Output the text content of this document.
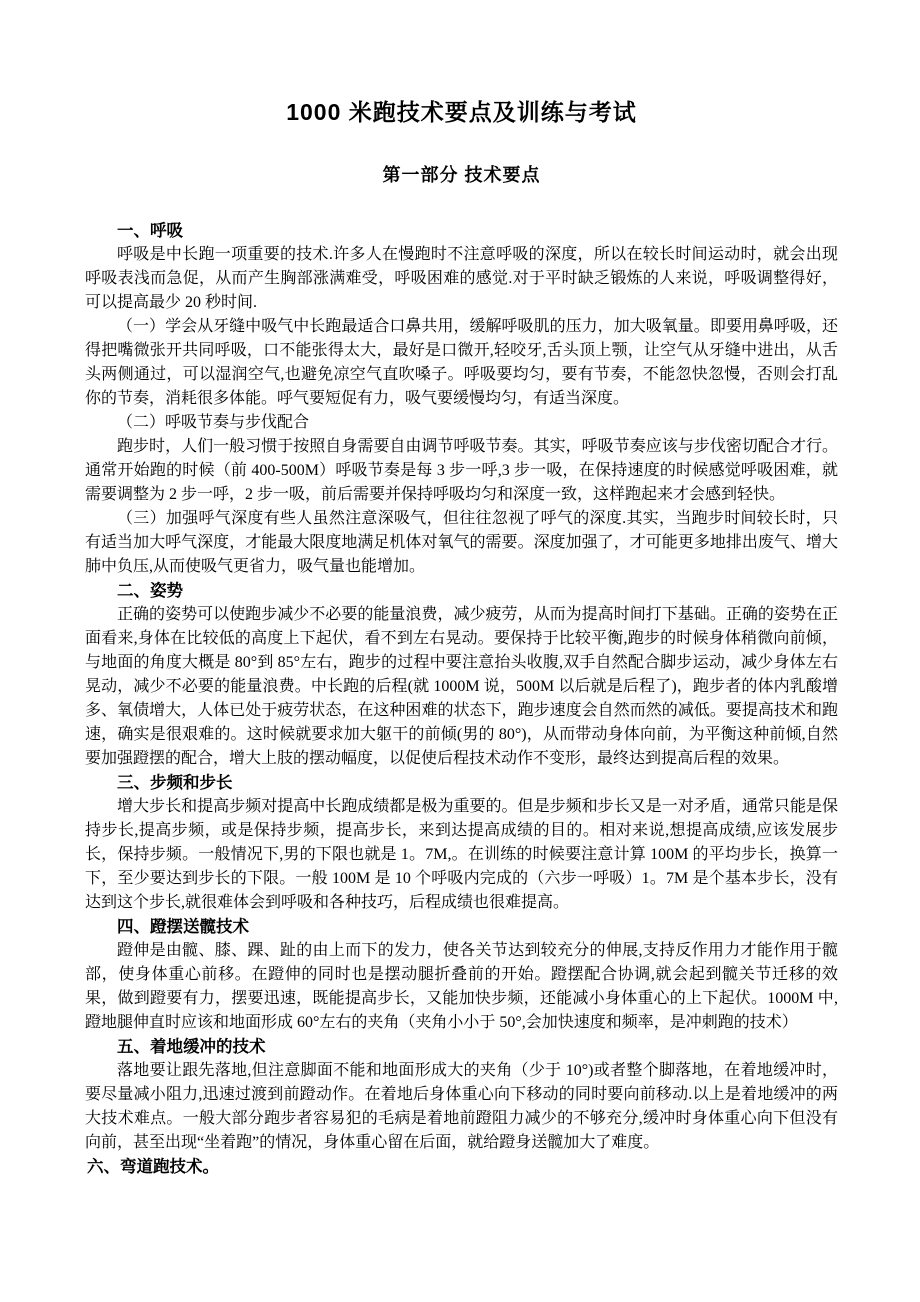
1000 米跑技术要点及训练与考试
第一部分 技术要点
一、呼吸

呼吸是中长跑一项重要的技术.许多人在慢跑时不注意呼吸的深度，所以在较长时间运动时，就会出现呼吸表浅而急促，从而产生胸部涨满难受，呼吸困难的感觉.对于平时缺乏锻炼的人来说，呼吸调整得好，可以提高最少 20 秒时间.

（一）学会从牙缝中吸气中长跑最适合口鼻共用，缓解呼吸肌的压力，加大吸氧量。即要用鼻呼吸，还得把嘴微张开共同呼吸，口不能张得太大，最好是口微开,轻咬牙,舌头顶上颚，让空气从牙缝中进出，从舌头两侧通过，可以湿润空气,也避免凉空气直吹嗓子。呼吸要均匀，要有节奏，不能忽快忽慢，否则会打乱你的节奏，消耗很多体能。呼气要短促有力，吸气要缓慢均匀，有适当深度。

（二）呼吸节奏与步伐配合

跑步时，人们一般习惯于按照自身需要自由调节呼吸节奏。其实，呼吸节奏应该与步伐密切配合才行。通常开始跑的时候（前 400-500M）呼吸节奏是每 3 步一呼,3 步一吸，在保持速度的时候感觉呼吸困难，就需要调整为 2 步一呼，2 步一吸，前后需要并保持呼吸均匀和深度一致，这样跑起来才会感到轻快。

（三）加强呼气深度有些人虽然注意深吸气，但往往忽视了呼气的深度.其实，当跑步时间较长时，只有适当加大呼气深度，才能最大限度地满足机体对氧气的需要。深度加强了，才可能更多地排出废气、增大肺中负压,从而使吸气更省力，吸气量也能增加。

二、姿势

正确的姿势可以使跑步减少不必要的能量浪费，减少疲劳，从而为提高时间打下基础。正确的姿势在正面看来,身体在比较低的高度上下起伏，看不到左右晃动。要保持于比较平衡,跑步的时候身体稍微向前倾，与地面的角度大概是 80°到 85°左右，跑步的过程中要注意抬头收腹,双手自然配合脚步运动，减少身体左右晃动，减少不必要的能量浪费。中长跑的后程(就 1000M 说，500M 以后就是后程了)，跑步者的体内乳酸增多、氧债增大，人体已处于疲劳状态，在这种困难的状态下，跑步速度会自然而然的减低。要提高技术和跑速，确实是很艰难的。这时候就要求加大躯干的前倾(男的 80°)，从而带动身体向前，为平衡这种前倾,自然要加强蹬摆的配合，增大上肢的摆动幅度，以促使后程技术动作不变形，最终达到提高后程的效果。

三、步频和步长

增大步长和提高步频对提高中长跑成绩都是极为重要的。但是步频和步长又是一对矛盾，通常只能是保持步长,提高步频，或是保持步频，提高步长，来到达提高成绩的目的。相对来说,想提高成绩,应该发展步长，保持步频。一般情况下,男的下限也就是 1。7M,。在训练的时候要注意计算 100M 的平均步长，换算一下，至少要达到步长的下限。一般 100M 是 10 个呼吸内完成的（六步一呼吸）1。7M 是个基本步长，没有达到这个步长,就很难体会到呼吸和各种技巧，后程成绩也很难提高。

四、蹬摆送髋技术

蹬伸是由髋、膝、踝、趾的由上而下的发力，使各关节达到较充分的伸展,支持反作用力才能作用于髋部，使身体重心前移。在蹬伸的同时也是摆动腿折叠前的开始。蹬摆配合协调,就会起到髋关节迁移的效果，做到蹬要有力，摆要迅速，既能提高步长，又能加快步频，还能减小身体重心的上下起伏。1000M 中,蹬地腿伸直时应该和地面形成 60°左右的夹角（夹角小小于 50°,会加快速度和频率，是冲刺跑的技术）

五、着地缓冲的技术

落地要让跟先落地,但注意脚面不能和地面形成大的夹角（少于 10°)或者整个脚落地，在着地缓冲时，要尽量减小阻力,迅速过渡到前蹬动作。在着地后身体重心向下移动的同时要向前移动.以上是着地缓冲的两大技术难点。一般大部分跑步者容易犯的毛病是着地前蹬阻力减少的不够充分,缓冲时身体重心向下但没有向前，甚至出现“坐着跑”的情况，身体重心留在后面，就给蹬身送髋加大了难度。

六、弯道跑技术。
